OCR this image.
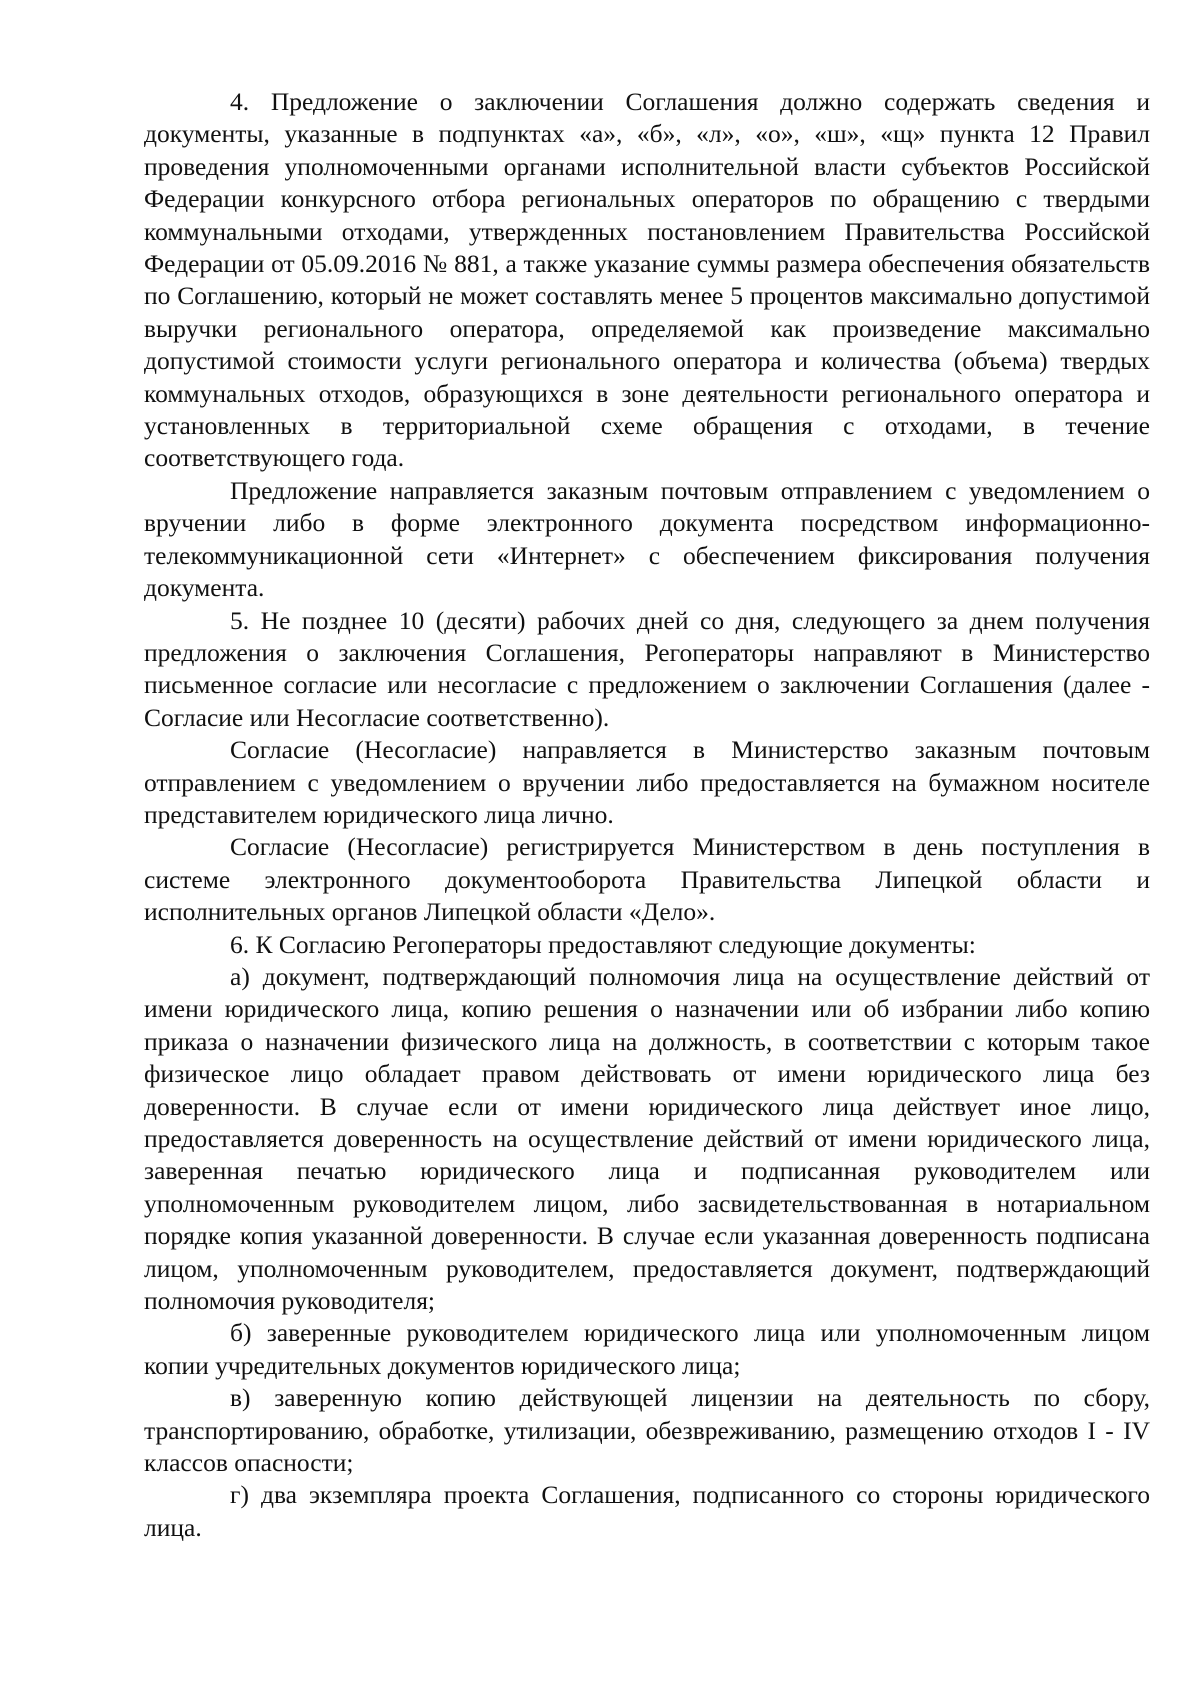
4. Предложение о заключении Соглашения должно содержать сведения и документы, указанные в подпунктах «а», «б», «л», «о», «ш», «щ» пункта 12 Правил проведения уполномоченными органами исполнительной власти субъектов Российской Федерации конкурсного отбора региональных операторов по обращению с твердыми коммунальными отходами, утвержденных постановлением Правительства Российской Федерации от 05.09.2016 № 881, а также указание суммы размера обеспечения обязательств по Соглашению, который не может составлять менее 5 процентов максимально допустимой выручки регионального оператора, определяемой как произведение максимально допустимой стоимости услуги регионального оператора и количества (объема) твердых коммунальных отходов, образующихся в зоне деятельности регионального оператора и установленных в территориальной схеме обращения с отходами, в течение соответствующего года.

Предложение направляется заказным почтовым отправлением с уведомлением о вручении либо в форме электронного документа посредством информационно-телекоммуникационной сети «Интернет» с обеспечением фиксирования получения документа.

5. Не позднее 10 (десяти) рабочих дней со дня, следующего за днем получения предложения о заключения Соглашения, Регоператоры направляют в Министерство письменное согласие или несогласие с предложением о заключении Соглашения (далее - Согласие или Несогласие соответственно).

Согласие (Несогласие) направляется в Министерство заказным почтовым отправлением с уведомлением о вручении либо предоставляется на бумажном носителе представителем юридического лица лично.

Согласие (Несогласие) регистрируется Министерством в день поступления в системе электронного документооборота Правительства Липецкой области и исполнительных органов Липецкой области «Дело».

6. К Согласию Регоператоры предоставляют следующие документы:

а) документ, подтверждающий полномочия лица на осуществление действий от имени юридического лица, копию решения о назначении или об избрании либо копию приказа о назначении физического лица на должность, в соответствии с которым такое физическое лицо обладает правом действовать от имени юридического лица без доверенности. В случае если от имени юридического лица действует иное лицо, предоставляется доверенность на осуществление действий от имени юридического лица, заверенная печатью юридического лица и подписанная руководителем или уполномоченным руководителем лицом, либо засвидетельствованная в нотариальном порядке копия указанной доверенности. В случае если указанная доверенность подписана лицом, уполномоченным руководителем, предоставляется документ, подтверждающий полномочия руководителя;

б) заверенные руководителем юридического лица или уполномоченным лицом копии учредительных документов юридического лица;

в) заверенную копию действующей лицензии на деятельность по сбору, транспортированию, обработке, утилизации, обезвреживанию, размещению отходов I - IV классов опасности;

г) два экземпляра проекта Соглашения, подписанного со стороны юридического лица.
